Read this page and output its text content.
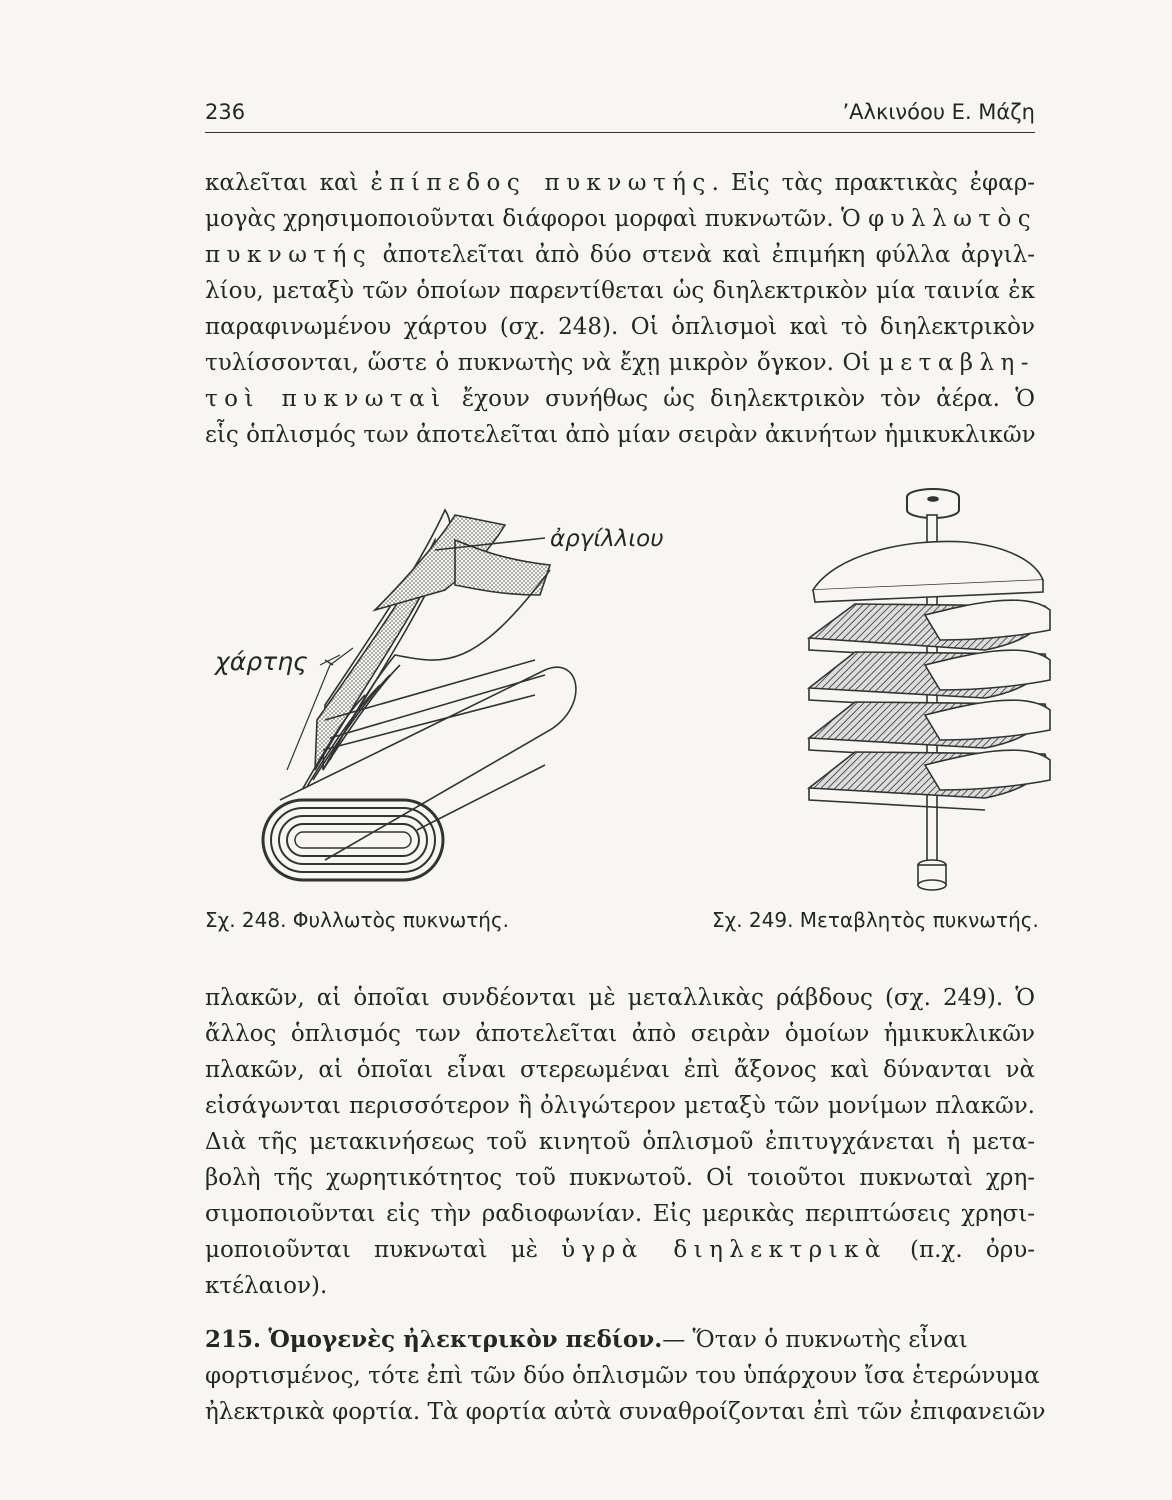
236	’Αλκινόου Ε. Μάζη
καλεῖται καὶ ἐπίπεδος πυκνωτής. Εἰς τὰς πρακτικὰς ἐφαρ-
μογὰς χρησιμοποιοῦνται διάφοροι μορφαὶ πυκνωτῶν. Ὁ φυλλωτὸς
πυκνωτής ἀποτελεῖται ἀπὸ δύο στενὰ καὶ ἐπιμήκη φύλλα ἀργιλ-
λίου, μεταξὺ τῶν ὁποίων παρεντίθεται ὡς διηλεκτρικὸν μία ταινία ἐκ
παραφινωμένου χάρτου (σχ. 248). Οἱ ὁπλισμοὶ καὶ τὸ διηλεκτρικὸν
τυλίσσονται, ὥστε ὁ πυκνωτὴς νὰ ἔχῃ μικρὸν ὄγκον. Οἱ μεταβλη-
τοὶ πυκνωταὶ ἔχουν συνήθως ὡς διηλεκτρικὸν τὸν ἀέρα. Ὁ
εἷς ὁπλισμός των ἀποτελεῖται ἀπὸ μίαν σειρὰν ἀκινήτων ἡμικυκλικῶν
ἀργίλλιου
χάρτης
Σχ. 248. Φυλλωτὸς πυκνωτής.	Σχ. 249. Μεταβλητὸς πυκνωτής.
πλακῶν, αἱ ὁποῖαι συνδέονται μὲ μεταλλικὰς ράβδους (σχ. 249). Ὁ
ἄλλος ὁπλισμός των ἀποτελεῖται ἀπὸ σειρὰν ὁμοίων ἡμικυκλικῶν
πλακῶν, αἱ ὁποῖαι εἶναι στερεωμέναι ἐπὶ ἄξονος καὶ δύνανται νὰ
εἰσάγωνται περισσότερον ἢ ὀλιγώτερον μεταξὺ τῶν μονίμων πλακῶν.
Διὰ τῆς μετακινήσεως τοῦ κινητοῦ ὁπλισμοῦ ἐπιτυγχάνεται ἡ μετα-
βολὴ τῆς χωρητικότητος τοῦ πυκνωτοῦ. Οἱ τοιοῦτοι πυκνωταὶ χρη-
σιμοποιοῦνται εἰς τὴν ραδιοφωνίαν. Εἰς μερικὰς περιπτώσεις χρησι-
μοποιοῦνται πυκνωταὶ μὲ ὑγρὰ διηλεκτρικὰ (π.χ. ὀρυ-
κτέλαιον).
215. Ὁμογενὲς ἠλεκτρικὸν πεδίον.— Ὅταν ὁ πυκνωτὴς εἶναι
φορτισμένος, τότε ἐπὶ τῶν δύο ὁπλισμῶν του ὑπάρχουν ἴσα ἑτερώνυμα
ἠλεκτρικὰ φορτία. Τὰ φορτία αὐτὰ συναθροίζονται ἐπὶ τῶν ἐπιφανειῶν
